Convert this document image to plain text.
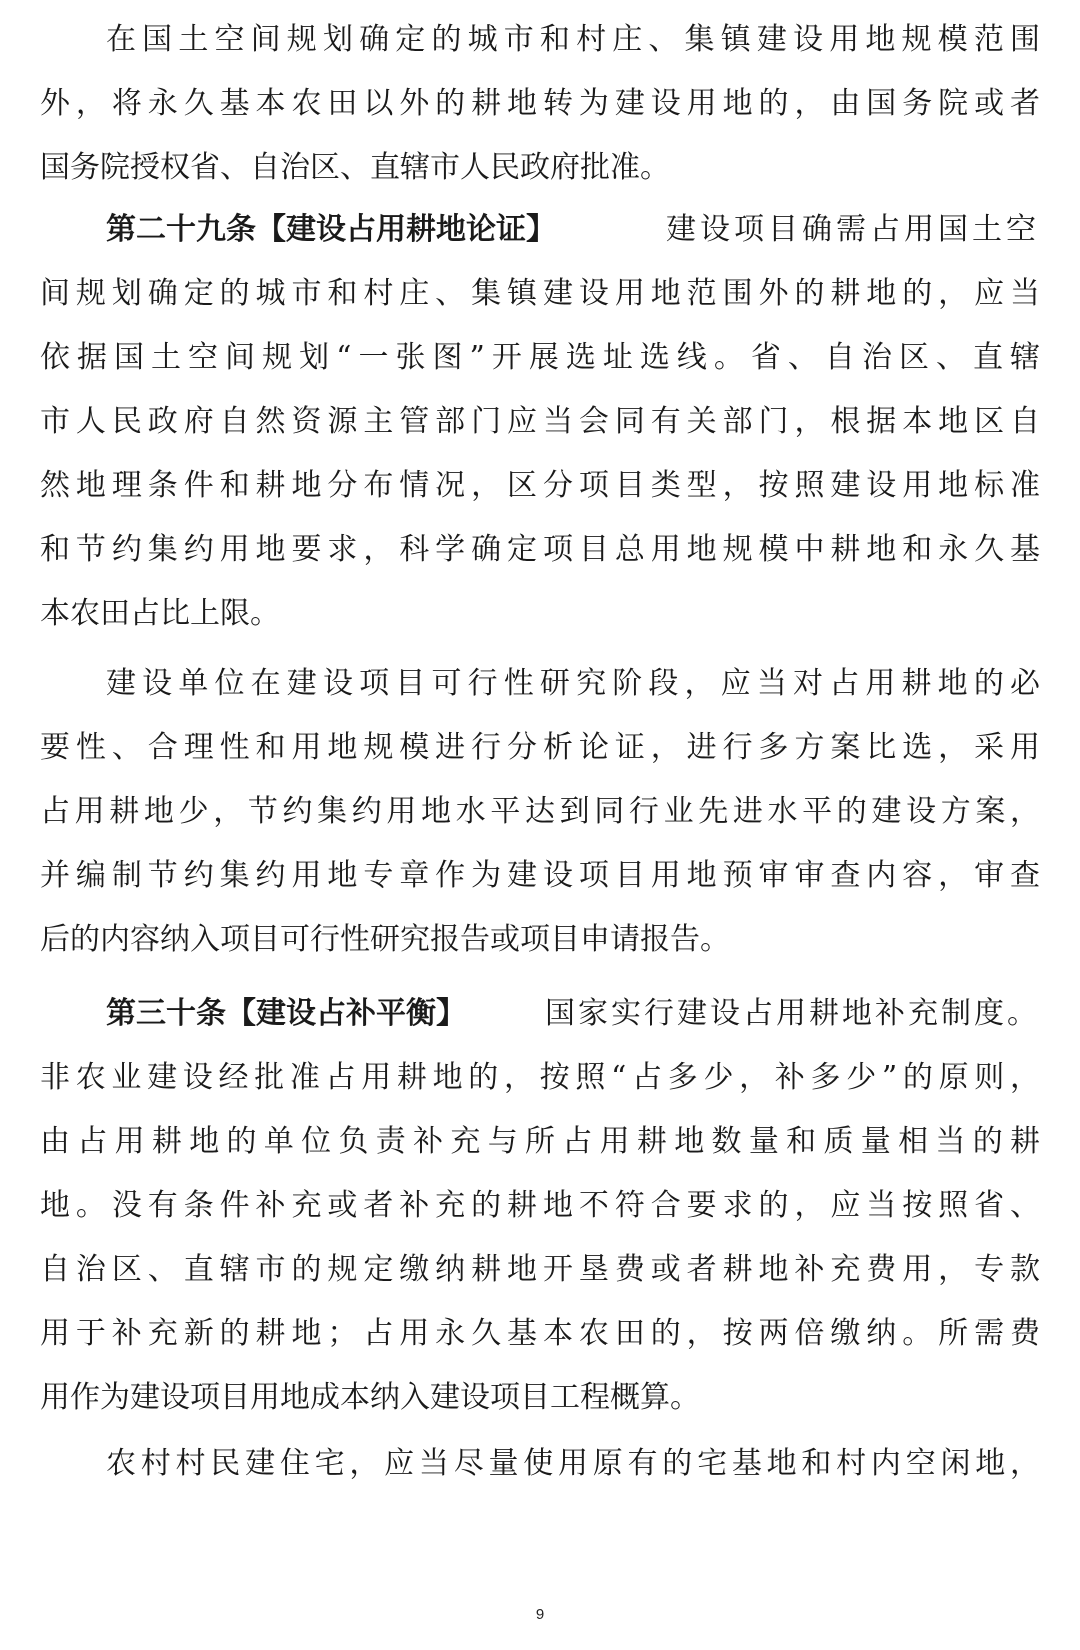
在国土空间规划确定的城市和村庄、集镇建设用地规模范围
外，将永久基本农田以外的耕地转为建设用地的，由国务院或者
国务院授权省、自治区、直辖市人民政府批准。
第二十九条【建设占用耕地论证】	建设项目确需占用国土空
间规划确定的城市和村庄、集镇建设用地范围外的耕地的，应当
依据国土空间规划“一张图”开展选址选线。省、自治区、直辖
市人民政府自然资源主管部门应当会同有关部门，根据本地区自
然地理条件和耕地分布情况，区分项目类型，按照建设用地标准
和节约集约用地要求，科学确定项目总用地规模中耕地和永久基
本农田占比上限。
建设单位在建设项目可行性研究阶段，应当对占用耕地的必
要性、合理性和用地规模进行分析论证，进行多方案比选，采用
占用耕地少，节约集约用地水平达到同行业先进水平的建设方案，
并编制节约集约用地专章作为建设项目用地预审审查内容，审查
后的内容纳入项目可行性研究报告或项目申请报告。
第三十条【建设占补平衡】	国家实行建设占用耕地补充制度。
非农业建设经批准占用耕地的，按照“占多少，补多少”的原则，
由占用耕地的单位负责补充与所占用耕地数量和质量相当的耕
地。没有条件补充或者补充的耕地不符合要求的，应当按照省、
自治区、直辖市的规定缴纳耕地开垦费或者耕地补充费用，专款
用于补充新的耕地；占用永久基本农田的，按两倍缴纳。所需费
用作为建设项目用地成本纳入建设项目工程概算。
农村村民建住宅，应当尽量使用原有的宅基地和村内空闲地，
9
